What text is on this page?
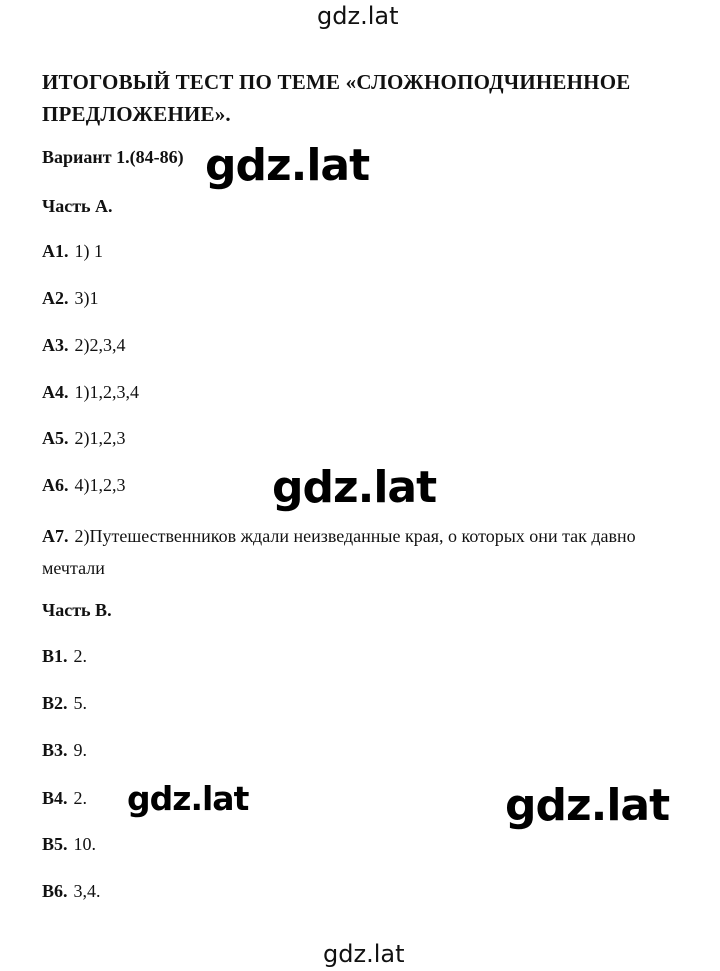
gdz.lat
ИТОГОВЫЙ ТЕСТ ПО ТЕМЕ «СЛОЖНОПОДЧИНЕННОЕ ПРЕДЛОЖЕНИЕ».
Вариант 1.(84-86) gdz.lat
Часть А.
А1. 1) 1
А2. 3)1
А3. 2)2,3,4
А4. 1)1,2,3,4
А5. 2)1,2,3
А6. 4)1,2,3	gdz.lat
А7. 2)Путешественников ждали неизведанные края, о которых они так давно мечтали
Часть В.
В1. 2.
В2. 5.
В3. 9.
В4. 2. gdz.lat	gdz.lat
В5. 10.
В6. 3,4.
gdz.lat
